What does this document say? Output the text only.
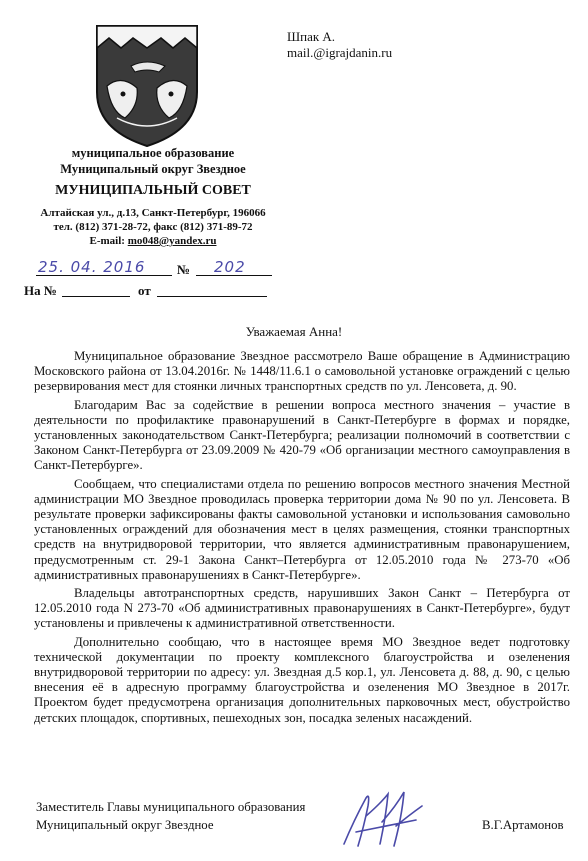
Шпак А.
mail.@igrajdanin.ru
муниципальное образование
Муниципальный округ Звездное
МУНИЦИПАЛЬНЫЙ СОВЕТ
Алтайская ул., д.13, Санкт-Петербург, 196066
тел. (812) 371-28-72, факс (812) 371-89-72
E-mail: mo048@yandex.ru
25. 04. 2016 № 202
На №	от
Уважаемая Анна!

Муниципальное образование Звездное рассмотрело Ваше обращение в Администрацию Московского района от 13.04.2016г. № 1448/11.6.1 о самовольной установке ограждений с целью резервирования мест для стоянки личных транспортных средств по ул. Ленсовета, д. 90.

Благодарим Вас за содействие в решении вопроса местного значения – участие в деятельности по профилактике правонарушений в Санкт-Петербурге в формах и порядке, установленных законодательством Санкт-Петербурга; реализации полномочий в соответствии с Законом Санкт-Петербурга от 23.09.2009 № 420-79 «Об организации местного самоуправления в Санкт-Петербурге».

Сообщаем, что специалистами отдела по решению вопросов местного значения Местной администрации МО Звездное проводилась проверка территории дома № 90 по ул. Ленсовета. В результате проверки зафиксированы факты самовольной установки и использования самовольно установленных ограждений для обозначения мест в целях размещения, стоянки транспортных средств на внутридворовой территории, что является административным правонарушением, предусмотренным ст. 29-1 Закона Санкт–Петербурга от 12.05.2010 года № 273-70 «Об административных правонарушениях в Санкт-Петербурге».

Владельцы автотранспортных средств, нарушивших Закон Санкт – Петербурга от 12.05.2010 года N 273-70 «Об административных правонарушениях в Санкт-Петербурге», будут установлены и привлечены к административной ответственности.

Дополнительно сообщаю, что в настоящее время МО Звездное ведет подготовку технической документации по проекту комплексного благоустройства и озеленения внутридворовой территории по адресу: ул. Звездная д.5 кор.1, ул. Ленсовета д. 88, д. 90, с целью внесения её в адресную программу благоустройства и озеленения МО Звездное в 2017г. Проектом будет предусмотрена организация дополнительных парковочных мест, обустройство детских площадок, спортивных, пешеходных зон, посадка зеленых насаждений.

Заместитель Главы муниципального образования
Муниципальный округ Звездное	В.Г.Артамонов
